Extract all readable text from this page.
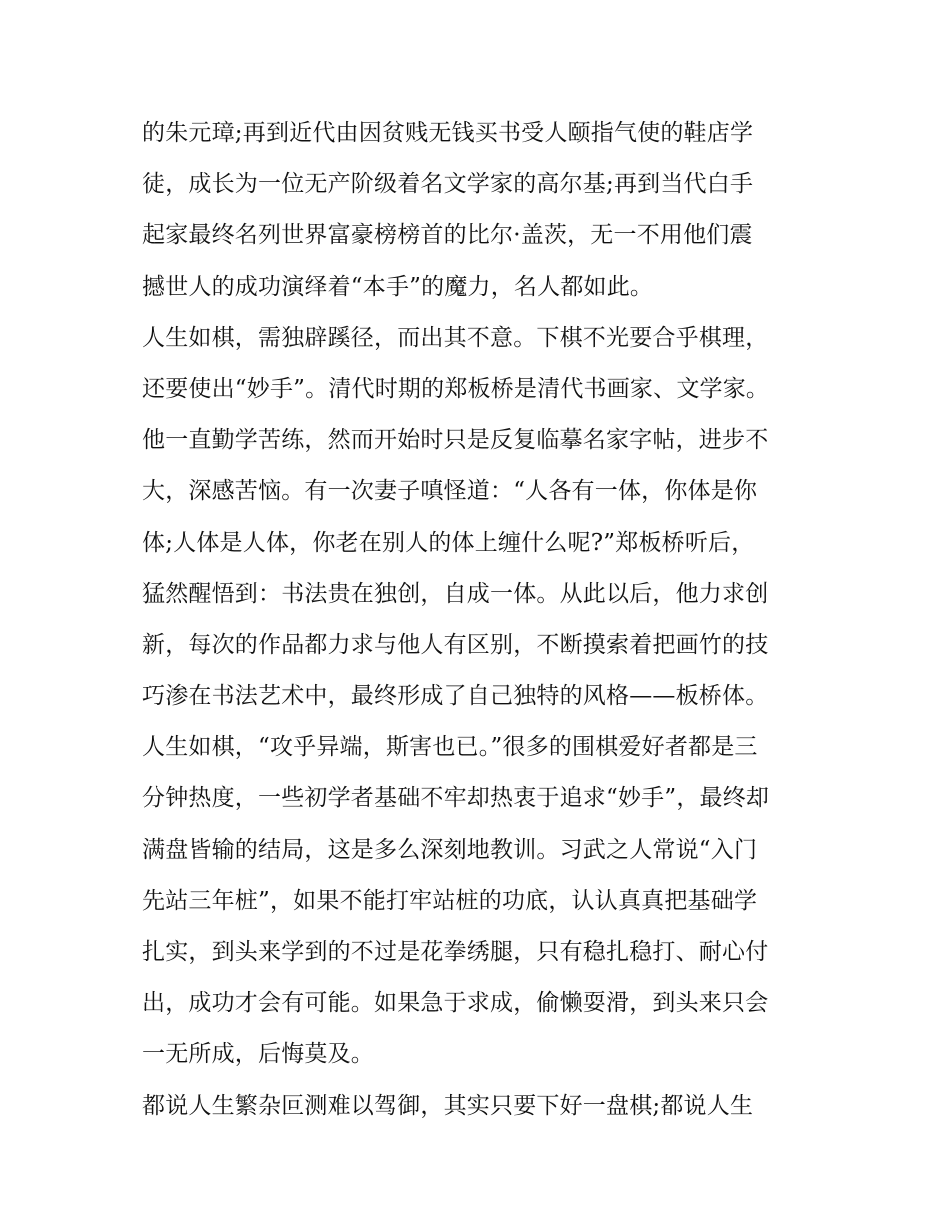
的朱元璋;再到近代由因贫贱无钱买书受人颐指气使的鞋店学
徒，成长为一位无产阶级着名文学家的高尔基;再到当代白手
起家最终名列世界富豪榜榜首的比尔·盖茨，无一不用他们震
撼世人的成功演绎着“本手”的魔力，名人都如此。
人生如棋，需独辟蹊径，而出其不意。下棋不光要合乎棋理，
还要使出“妙手”。清代时期的郑板桥是清代书画家、文学家。
他一直勤学苦练，然而开始时只是反复临摹名家字帖，进步不
大，深感苦恼。有一次妻子嗔怪道：“人各有一体，你体是你
体;人体是人体，你老在别人的体上缠什么呢?”郑板桥听后，
猛然醒悟到：书法贵在独创，自成一体。从此以后，他力求创
新，每次的作品都力求与他人有区别，不断摸索着把画竹的技
巧渗在书法艺术中，最终形成了自己独特的风格——板桥体。
人生如棋，“攻乎异端，斯害也已。”很多的围棋爱好者都是三
分钟热度，一些初学者基础不牢却热衷于追求“妙手”，最终却
满盘皆输的结局，这是多么深刻地教训。习武之人常说“入门
先站三年桩”，如果不能打牢站桩的功底，认认真真把基础学
扎实，到头来学到的不过是花拳绣腿，只有稳扎稳打、耐心付
出，成功才会有可能。如果急于求成，偷懒耍滑，到头来只会
一无所成，后悔莫及。
都说人生繁杂叵测难以驾御，其实只要下好一盘棋;都说人生
